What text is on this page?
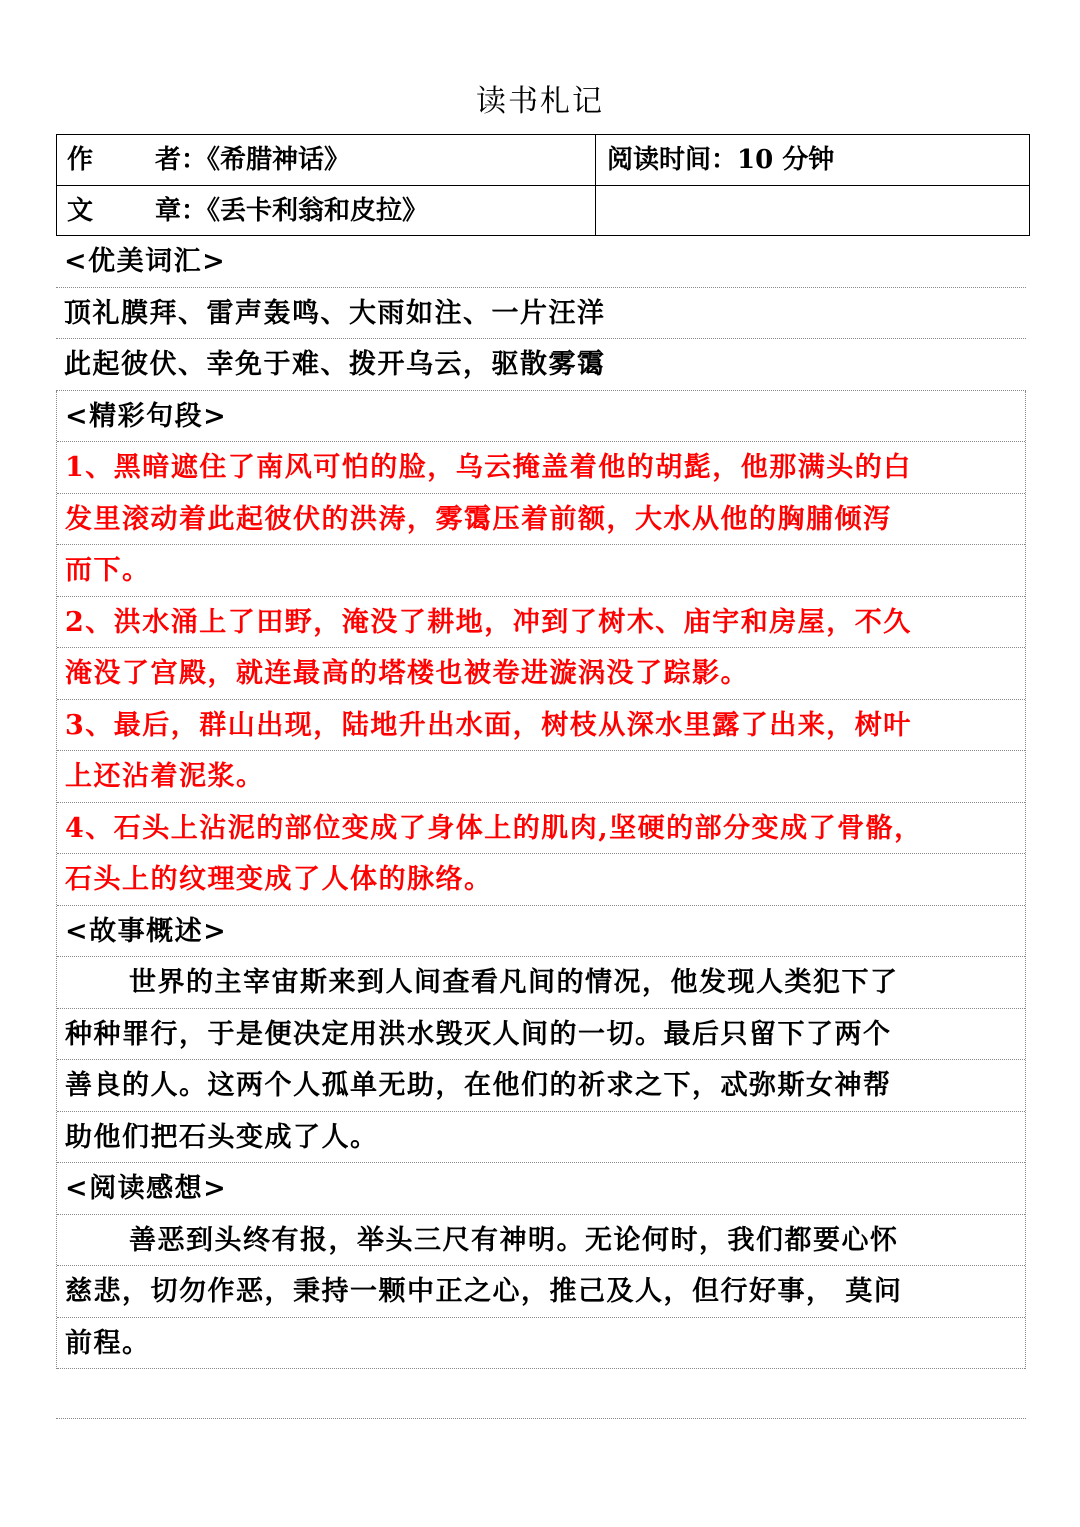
读书札记
作 者：《希腊神话》	阅读时间：10 分钟
文 章：《丢卡利翁和皮拉》
<优美词汇>
顶礼膜拜、雷声轰鸣、大雨如注、一片汪洋
此起彼伏、幸免于难、拨开乌云，驱散雾霭
<精彩句段>
1、黑暗遮住了南风可怕的脸，乌云掩盖着他的胡髭，他那满头的白
发里滚动着此起彼伏的洪涛，雾霭压着前额，大水从他的胸脯倾泻
而下。
2、洪水涌上了田野，淹没了耕地，冲到了树木、庙宇和房屋，不久
淹没了宫殿，就连最高的塔楼也被卷进漩涡没了踪影。
3、最后，群山出现，陆地升出水面，树枝从深水里露了出来，树叶
上还沾着泥浆。
4、石头上沾泥的部位变成了身体上的肌肉,坚硬的部分变成了骨骼，
石头上的纹理变成了人体的脉络。
<故事概述>
世界的主宰宙斯来到人间查看凡间的情况，他发现人类犯下了
种种罪行，于是便决定用洪水毁灭人间的一切。最后只留下了两个
善良的人。这两个人孤单无助，在他们的祈求之下，忒弥斯女神帮
助他们把石头变成了人。
<阅读感想>
善恶到头终有报，举头三尺有神明。无论何时，我们都要心怀
慈悲，切勿作恶，秉持一颗中正之心，推己及人，但行好事， 莫问
前程。
